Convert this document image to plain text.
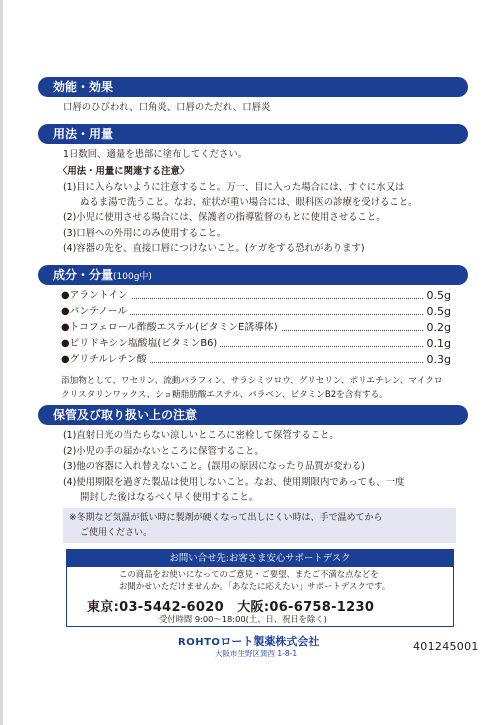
効能・効果
口唇のひびわれ、口角炎、口唇のただれ、口唇炎
用法・用量
1日数回、適量を患部に塗布してください。
〈用法・用量に関連する注意〉
(1)目に入らないように注意すること。万一、目に入った場合には、すぐに水又は
ぬるま湯で洗うこと。なお、症状が重い場合には、眼科医の診療を受けること。
(2)小児に使用させる場合には、保護者の指導監督のもとに使用させること。
(3)口唇への外用にのみ使用すること。
(4)容器の先を、直接口唇につけないこと。(ケガをする恐れがあります)
成分・分量(100g中)
●アラントイン	0.5g
●パンテノール	0.5g
●トコフェロール酢酸エステル(ビタミンE誘導体)	0.2g
●ピリドキシン塩酸塩(ビタミンB6)	0.1g
●グリチルレチン酸	0.3g
添加物として、ワセリン、流動パラフィン、サラシミツロウ、グリセリン、ポリエチレン、マイクロ
クリスタリンワックス、ショ糖脂肪酸エステル、パラベン、ビタミンB2を含有する。
保管及び取り扱い上の注意
(1)直射日光の当たらない涼しいところに密栓して保管すること。
(2)小児の手の届かないところに保管すること。
(3)他の容器に入れ替えないこと。(誤用の原因になったり品質が変わる)
(4)使用期限を過ぎた製品は使用しないこと。なお、使用期限内であっても、一度
開封した後はなるべく早く使用すること。
※冬期など気温が低い時に製剤が硬くなって出しにくい時は、手で温めてから
ご使用ください。
お問い合せ先:お客さま安心サポートデスク
この商品をお使いになってのご意見・ご要望、またご不満な点などを
お聞かせいただけませんか。「あなたに応えたい」サポートデスクです。
東京:03-5442-6020　大阪:06-6758-1230
受付時間 9:00～18:00(土、日、祝日を除く)
ROHTOロート製薬株式会社
大阪市生野区巽西 1-8-1
401245001
